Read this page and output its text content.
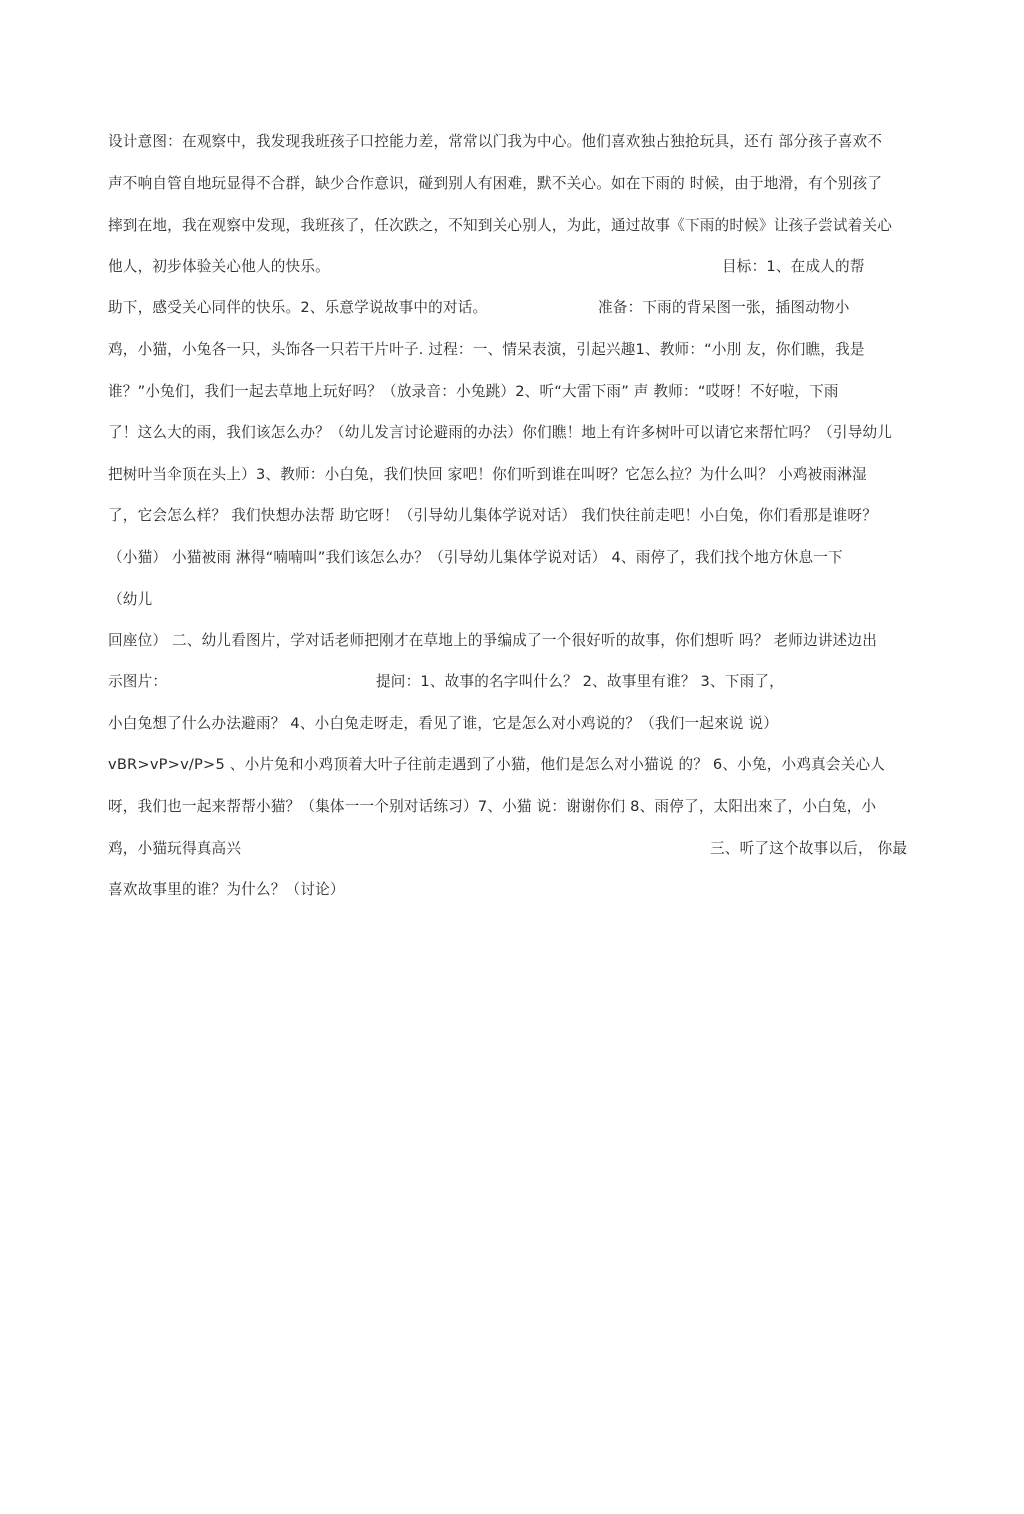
设计意图：在观察中，我发现我班孩子口控能力差，常常以门我为中心。他们喜欢独占独抢玩具，还冇 部分孩子喜欢不
声不响自管自地玩显得不合群，缺少合作意识，碰到别人有困难，默不关心。如在下雨的 时候，由于地滑，有个别孩了
摔到在地，我在观察中发现，我班孩了，任次跌之，不知到关心别人，为此，通过故事《下雨的时候》让孩子尝试着关心
他人，初步体验关心他人的快乐。	目标：1、在成人的帮
助下，感受关心同伴的快乐。2、乐意学说故事中的对话。	准备：下雨的背呆图一张，插图动物小
鸡，小猫，小兔各一只，头饰各一只若干片叶子. 过程：一、情呆表演，引起兴趣1、教师：“小刖 友，你们瞧，我是
谁？”小兔们，我们一起去草地上玩好吗？（放录音：小兔跳）2、听“大雷下雨” 声 教师：“哎呀！不好啦，下雨
了！这么大的雨，我们该怎么办？（幼儿发言讨论避雨的办法）你们瞧！地上有许多树叶可以请它来帮忙吗？（引导幼儿
把树叶当伞顶在头上）3、教师：小白兔，我们快回 家吧！你们听到谁在叫呀？它怎么拉？为什么叫？ 小鸡被雨淋湿
了，它会怎么样？ 我们快想办法帮 助它呀！（引导幼儿集体学说对话） 我们快往前走吧！小白兔，你们看那是谁呀？
（小猫） 小猫被雨 淋得“喃喃叫”我们该怎么办？（引导幼儿集体学说对话） 4、雨停了，我们找个地方休息一下
（幼儿
回座位） 二、幼儿看图片，学对话老师把刚才在草地上的爭编成了一个很好听的故事，你们想听 吗？ 老师边讲述边出
示图片：	提问：1、故事的名字叫什么？ 2、故事里有谁？ 3、下雨了，
小白兔想了什么办法避雨？ 4、小白兔走呀走，看见了谁，它是怎么对小鸡说的？（我们一起來说 说）
vBR>vP>v/P>5 、小片兔和小鸡顶着大叶子往前走遇到了小猫，他们是怎么对小猫说 的？ 6、小兔，小鸡真会关心人
呀，我们也一起来帮帮小猫？（集体一一个别对话练习）7、小猫 说：谢谢你们 8、雨停了，太阳出來了，小白兔，小
鸡，小猫玩得真高兴	三、听了这个故事以后， 你最
喜欢故事里的谁？为什么？（讨论）
